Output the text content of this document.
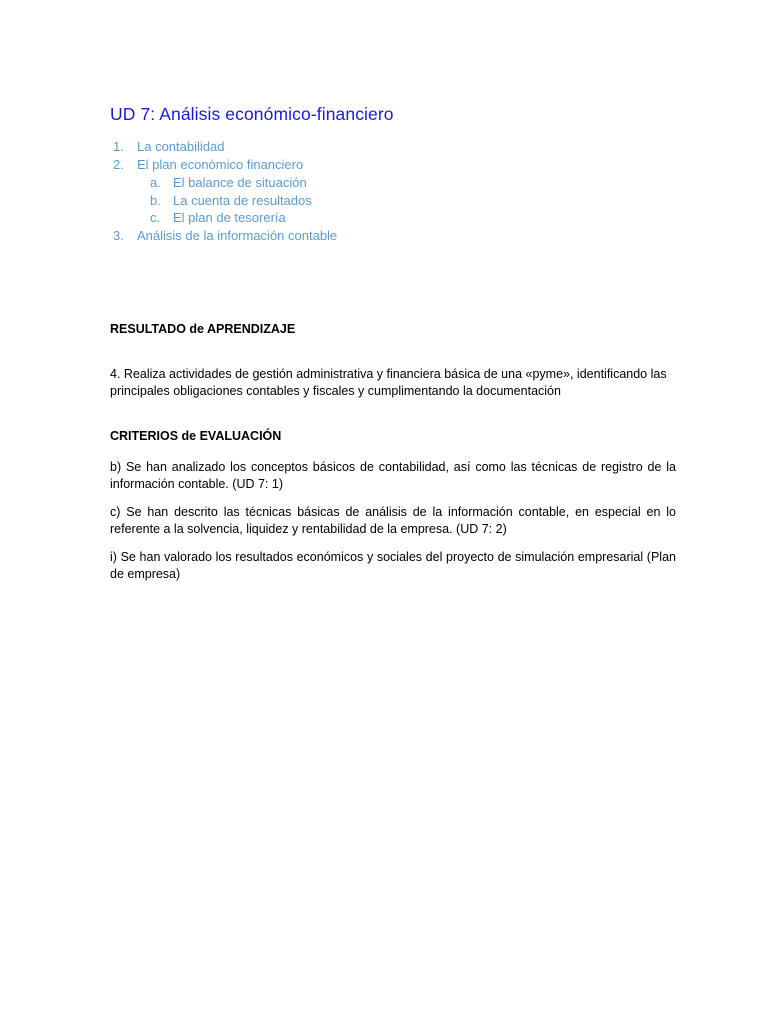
UD 7: Análisis económico-financiero
1. La contabilidad
2. El plan económico financiero
a. El balance de situación
b. La cuenta de resultados
c. El plan de tesorería
3. Análisis de la información contable
RESULTADO de APRENDIZAJE

4. Realiza actividades de gestión administrativa y financiera básica de una «pyme», identificando las principales obligaciones contables y fiscales y cumplimentando la documentación

CRITERIOS de EVALUACIÓN

b) Se han analizado los conceptos básicos de contabilidad, así como las técnicas de registro de la información contable. (UD 7: 1)

c) Se han descrito las técnicas básicas de análisis de la información contable, en especial en lo referente a la solvencia, liquidez y rentabilidad de la empresa. (UD 7: 2)

i) Se han valorado los resultados económicos y sociales del proyecto de simulación empresarial (Plan de empresa)
